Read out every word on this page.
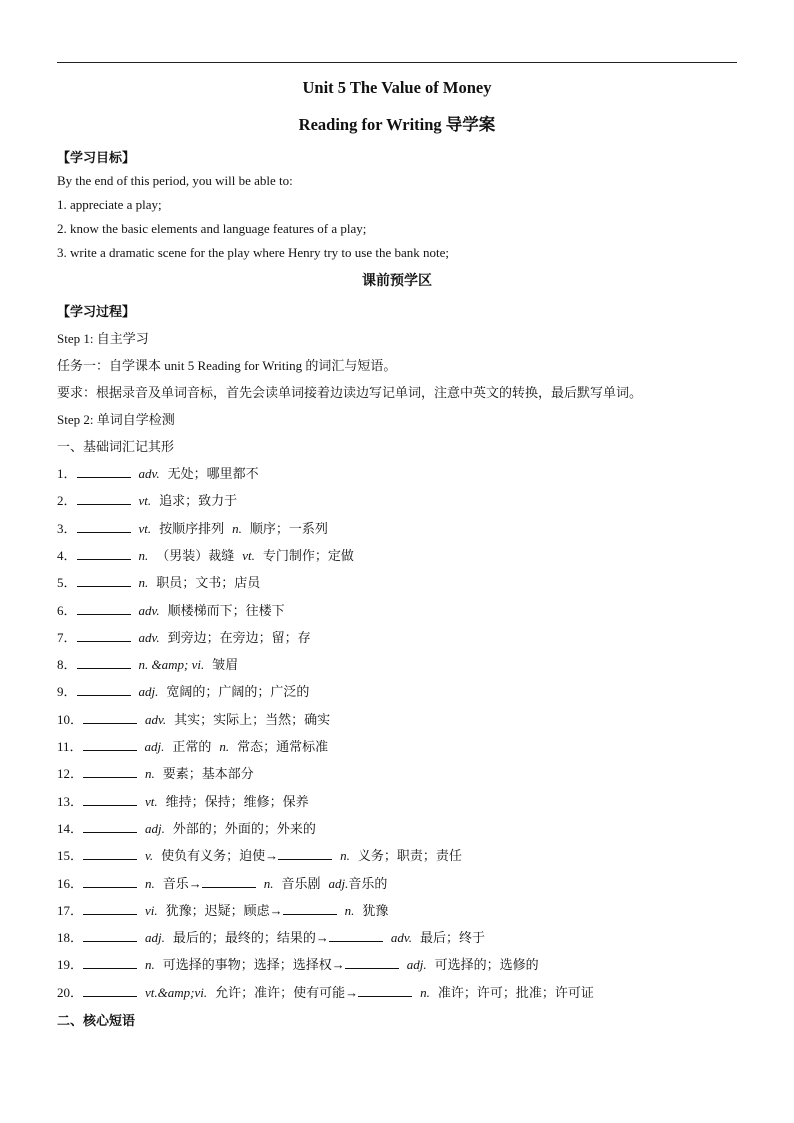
Unit 5 The Value of Money
Reading for Writing 导学案
【学习目标】
By the end of this period, you will be able to:
1. appreciate a play;
2. know the basic elements and language features of a play;
3. write a dramatic scene for the play where Henry try to use the bank note;
课前预学区
【学习过程】
Step 1: 自主学习
任务一：自学课本 unit 5 Reading for Writing 的词汇与短语。
要求：根据录音及单词音标，首先会读单词接着边读边写记单词，注意中英文的转换，最后默写单词。
Step 2: 单词自学检测
一、基础词汇记其形
1．	adv. 无处；哪里都不
2．	vt. 追求；致力于
3．	vt. 按顺序排列 n. 顺序；一系列
4．	n. （男装）裁缝 vt. 专门制作；定做
5．	n. 职员；文书；店员
6．	adv. 顺楼梯而下；往楼下
7．	adv. 到旁边；在旁边；留；存
8．	n. &amp; vi. 皱眉
9．	adj. 宽阔的；广阔的；广泛的
10．	adv. 其实；实际上；当然；确实
11．	adj. 正常的 n. 常态；通常标准
12．	n. 要素；基本部分
13．	vt. 维持；保持；维修；保养
14．	adj. 外部的；外面的；外来的
15．	v. 使负有义务；迫使→	n. 义务；职责；责任
16．	n. 音乐→	n. 音乐剧 adj.音乐的
17．	vi. 犹豫；迟疑；顾虑→	n. 犹豫
18．	adj. 最后的；最终的；结果的→	adv. 最后；终于
19．	n. 可选择的事物；选择；选择权→	adj. 可选择的；选修的
20．	vt.&amp;vi. 允许；准许；使有可能→	n. 准许；许可；批准；许可证
二、核心短语
